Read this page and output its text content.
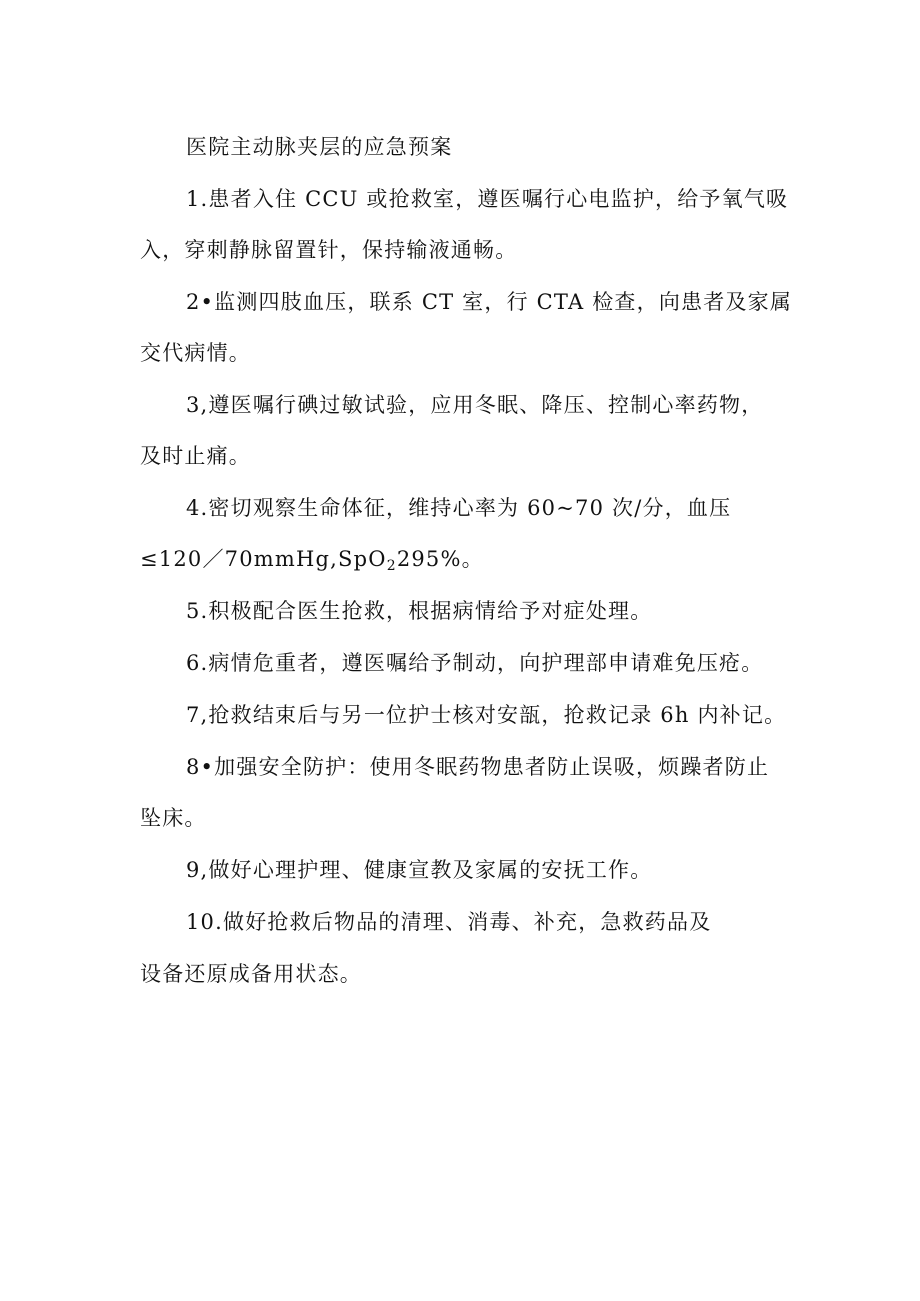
医院主动脉夹层的应急预案

1.患者入住 CCU 或抢救室，遵医嘱行心电监护，给予氧气吸

入，穿刺静脉留置针，保持输液通畅。

2•监测四肢血压，联系 CT 室，行 CTA 检查，向患者及家属

交代病情。

3,遵医嘱行碘过敏试验，应用冬眠、降压、控制心率药物，

及时止痛。

4.密切观察生命体征，维持心率为 60~70 次/分，血压

≤120／70mmHg,SpO$_2$295%。

5.积极配合医生抢救，根据病情给予对症处理。

6.病情危重者，遵医嘱给予制动，向护理部申请难免压疮。

7,抢救结束后与另一位护士核对安瓿，抢救记录 6h 内补记。

8•加强安全防护：使用冬眠药物患者防止误吸，烦躁者防止

坠床。

9,做好心理护理、健康宣教及家属的安抚工作。

10.做好抢救后物品的清理、消毒、补充，急救药品及

设备还原成备用状态。
